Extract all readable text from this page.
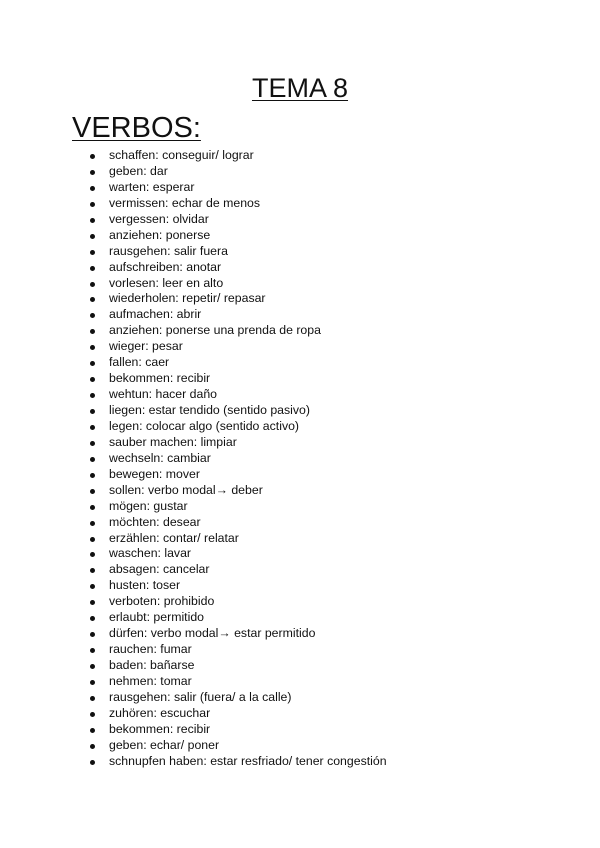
TEMA 8
VERBOS:
schaffen: conseguir/ lograr
geben: dar
warten: esperar
vermissen: echar de menos
vergessen: olvidar
anziehen: ponerse
rausgehen: salir fuera
aufschreiben: anotar
vorlesen: leer en alto
wiederholen: repetir/ repasar
aufmachen: abrir
anziehen: ponerse una prenda de ropa
wieger: pesar
fallen: caer
bekommen: recibir
wehtun: hacer daño
liegen: estar tendido (sentido pasivo)
legen: colocar algo (sentido activo)
sauber machen: limpiar
wechseln: cambiar
bewegen: mover
sollen: verbo modal→ deber
mögen: gustar
möchten: desear
erzählen: contar/ relatar
waschen: lavar
absagen: cancelar
husten: toser
verboten: prohibido
erlaubt: permitido
dürfen: verbo modal→ estar permitido
rauchen: fumar
baden: bañarse
nehmen: tomar
rausgehen: salir (fuera/ a la calle)
zuhören: escuchar
bekommen: recibir
geben: echar/ poner
schnupfen haben: estar resfriado/ tener congestión
